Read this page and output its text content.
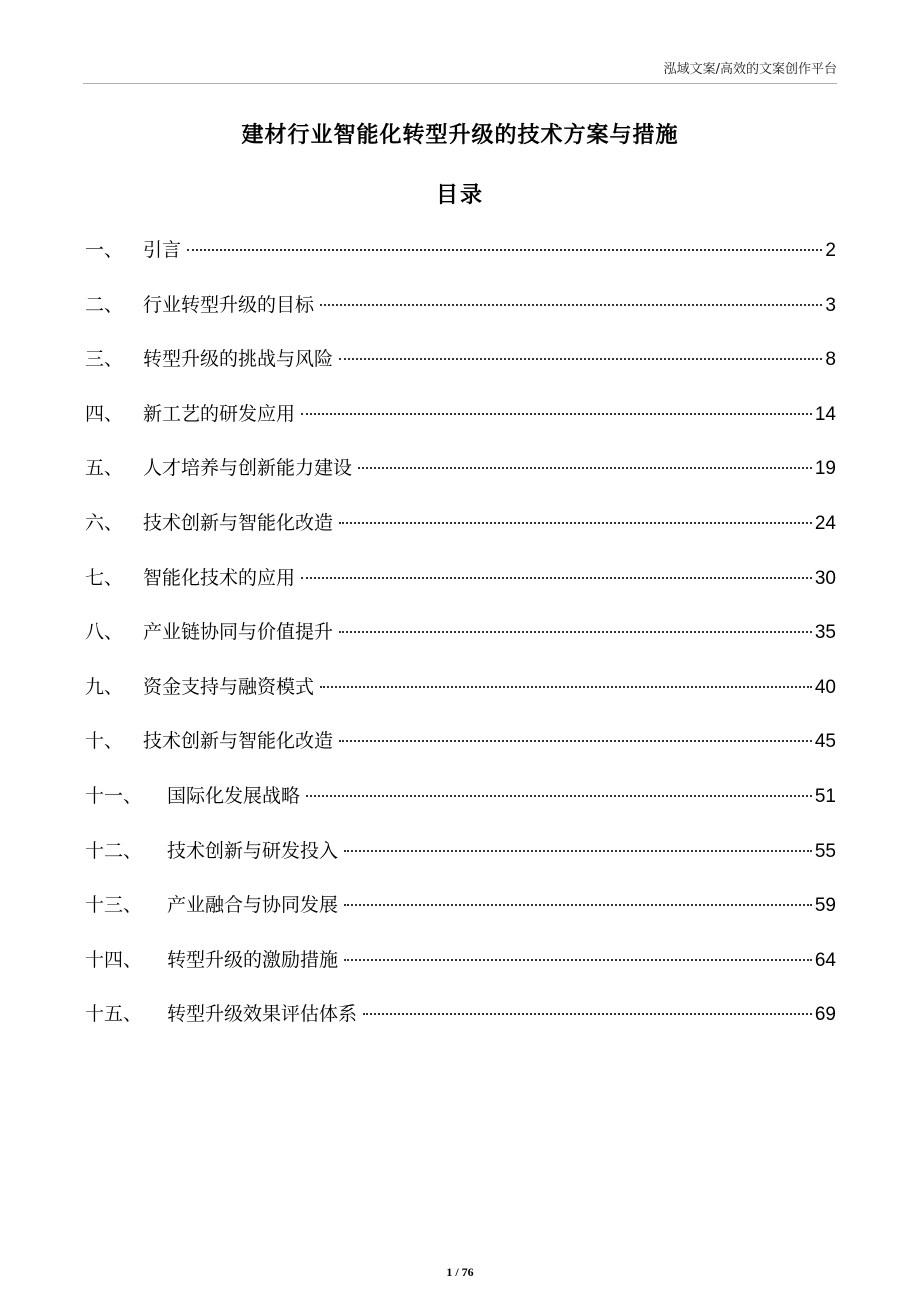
泓域文案/高效的文案创作平台
建材行业智能化转型升级的技术方案与措施
目录
一、	引言	2
二、	行业转型升级的目标	3
三、	转型升级的挑战与风险	8
四、	新工艺的研发应用	14
五、	人才培养与创新能力建设	19
六、	技术创新与智能化改造	24
七、	智能化技术的应用	30
八、	产业链协同与价值提升	35
九、	资金支持与融资模式	40
十、	技术创新与智能化改造	45
十一、	国际化发展战略	51
十二、	技术创新与研发投入	55
十三、	产业融合与协同发展	59
十四、	转型升级的激励措施	64
十五、	转型升级效果评估体系	69
1 / 76
